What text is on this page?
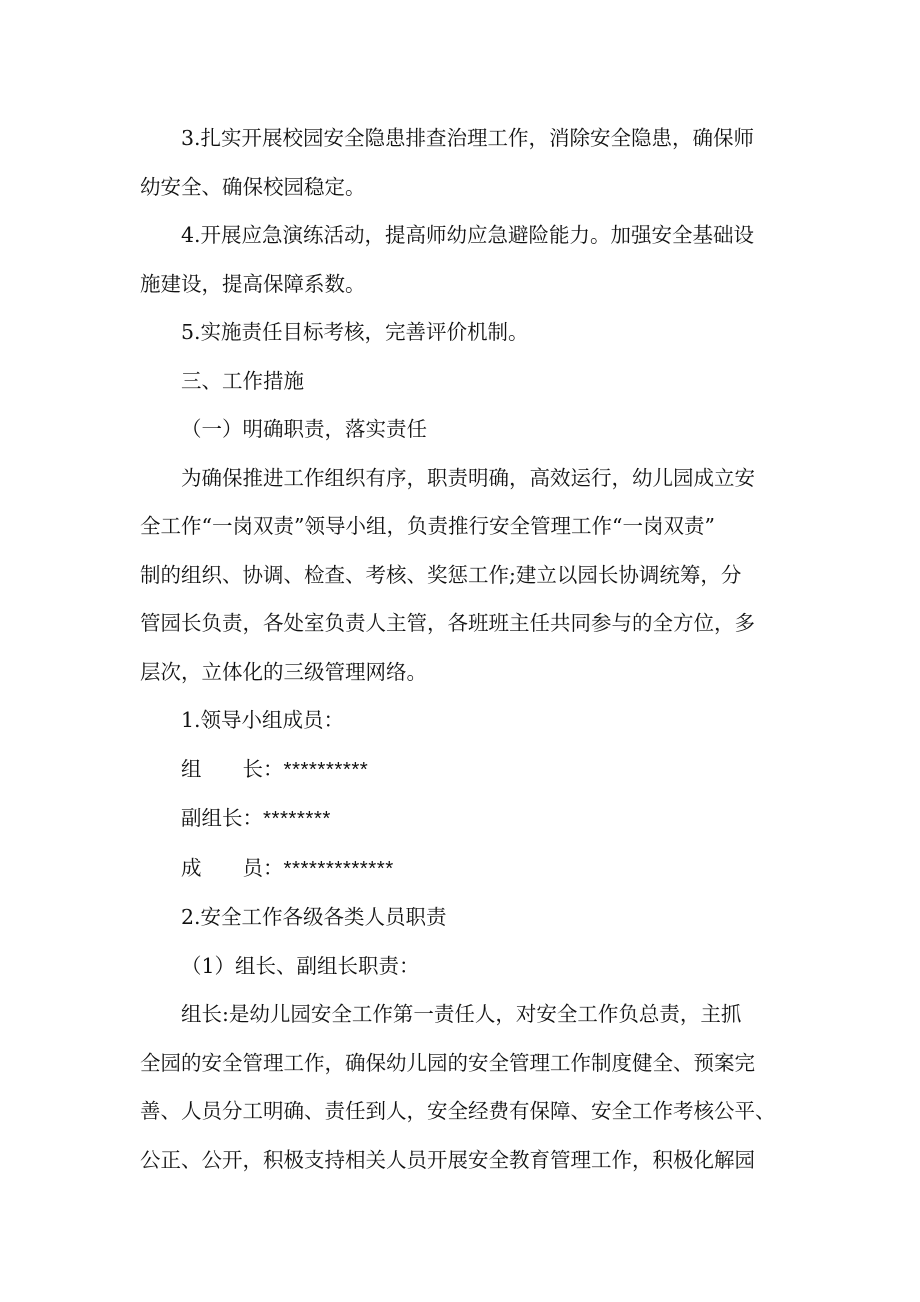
3.扎实开展校园安全隐患排查治理工作，消除安全隐患，确保师
幼安全、确保校园稳定。
4.开展应急演练活动，提高师幼应急避险能力。加强安全基础设
施建设，提高保障系数。
5.实施责任目标考核，完善评价机制。
三、工作措施
（一）明确职责，落实责任
为确保推进工作组织有序，职责明确，高效运行，幼儿园成立安
全工作“一岗双责”领导小组，负责推行安全管理工作“一岗双责”
制的组织、协调、检查、考核、奖惩工作;建立以园长协调统筹，分
管园长负责，各处室负责人主管，各班班主任共同参与的全方位，多
层次，立体化的三级管理网络。
1.领导小组成员：
组　　长：**********
副组长：********
成　　员：*************
2.安全工作各级各类人员职责
（1）组长、副组长职责：
组长:是幼儿园安全工作第一责任人，对安全工作负总责，主抓
全园的安全管理工作，确保幼儿园的安全管理工作制度健全、预案完
善、人员分工明确、责任到人，安全经费有保障、安全工作考核公平、
公正、公开，积极支持相关人员开展安全教育管理工作，积极化解园
